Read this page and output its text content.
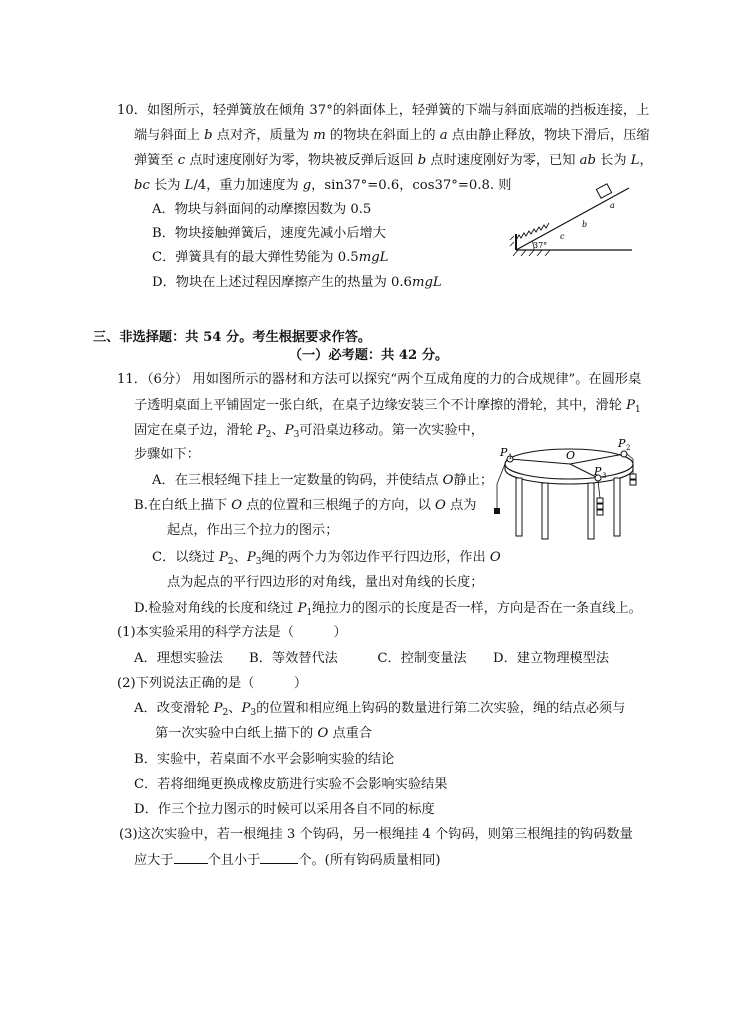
10．如图所示，轻弹簧放在倾角 37°的斜面体上，轻弹簧的下端与斜面底端的挡板连接，上
端与斜面上 b 点对齐，质量为 m 的物块在斜面上的 a 点由静止释放，物块下滑后，压缩
弹簧至 c 点时速度刚好为零，物块被反弹后返回 b 点时速度刚好为零，已知 ab 长为 L，
bc 长为 L/4，重力加速度为 g，sin37°=0.6，cos37°=0.8. 则
A．物块与斜面间的动摩擦因数为 0.5
B．物块接触弹簧后，速度先减小后增大
C．弹簧具有的最大弹性势能为 0.5mgL
D．物块在上述过程因摩擦产生的热量为 0.6mgL
37°
c
b
a
三、非选择题：共 54 分。考生根据要求作答。
（一）必考题：共 42 分。
11．（6分） 用如图所示的器材和方法可以探究“两个互成角度的力的合成规律”。在圆形桌
子透明桌面上平铺固定一张白纸，在桌子边缘安装三个不计摩擦的滑轮，其中，滑轮 $P_1$
固定在桌子边，滑轮 $P_2$、$P_3$可沿桌边移动。第一次实验中，
步骤如下：
A．在三根轻绳下挂上一定数量的钩码，并使结点 O静止；
B.在白纸上描下 O 点的位置和三根绳子的方向，以 O 点为
起点，作出三个拉力的图示；
C．以绕过 $P_2$、$P_3$绳的两个力为邻边作平行四边形，作出 O
点为起点的平行四边形的对角线，量出对角线的长度；
D.检验对角线的长度和绕过 $P_1$绳拉力的图示的长度是否一样，方向是否在一条直线上。
(1)本实验采用的科学方法是（　　　）
A．理想实验法　　B．等效替代法　　　C．控制变量法　　D．建立物理模型法
(2)下列说法正确的是（　　　）
A．改变滑轮 $P_2$、$P_3$的位置和相应绳上钩码的数量进行第二次实验，绳的结点必须与
第一次实验中白纸上描下的 O 点重合
B．实验中，若桌面不水平会影响实验的结论
C．若将细绳更换成橡皮筋进行实验不会影响实验结果
D．作三个拉力图示的时候可以采用各自不同的标度
(3)这次实验中，若一根绳挂 3 个钩码，另一根绳挂 4 个钩码，则第三根绳挂的钩码数量
应大于	个且小于	个。(所有钩码质量相同)
P 1
P 2
P 3
O
